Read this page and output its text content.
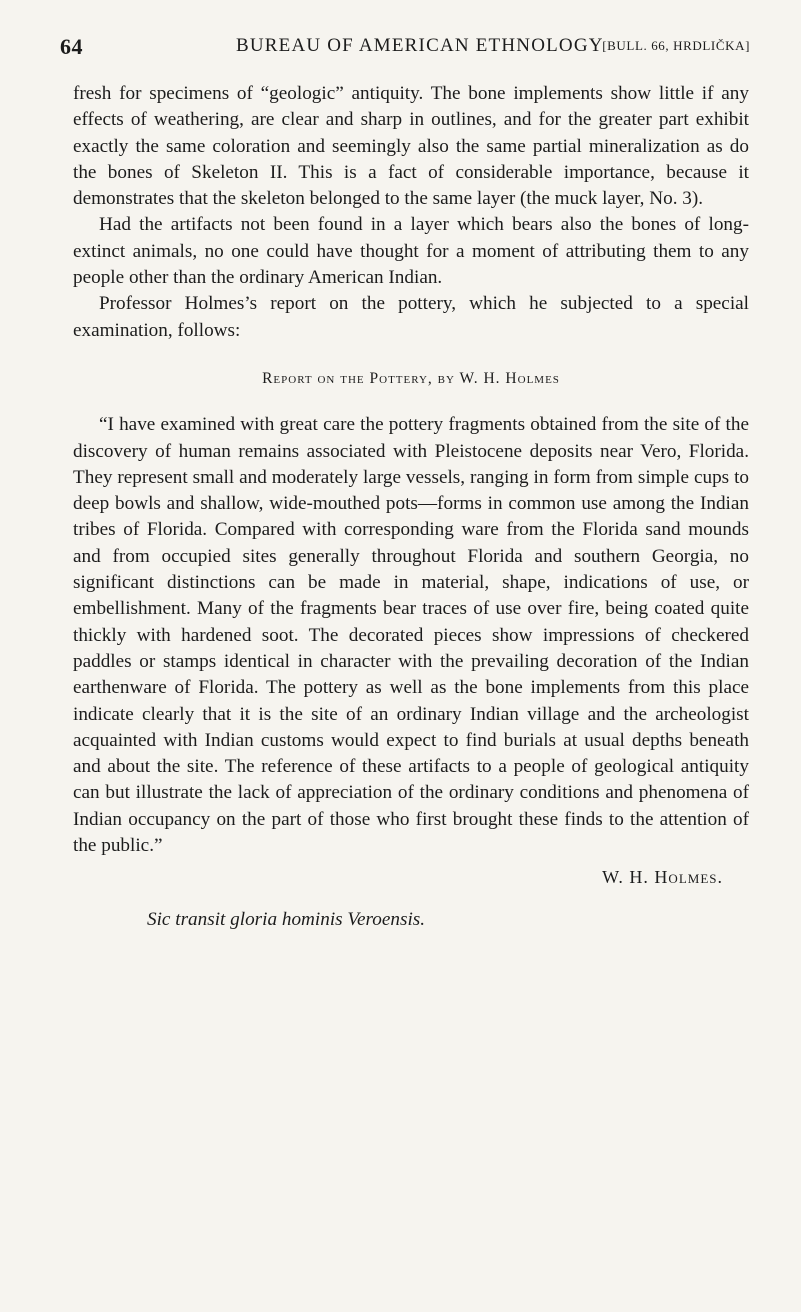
64	BUREAU OF AMERICAN ETHNOLOGY
[BULL. 66, HRDLIČKA]

fresh for specimens of “geologic” antiquity. The bone implements show little if any effects of weathering, are clear and sharp in outlines, and for the greater part exhibit exactly the same coloration and seemingly also the same partial mineralization as do the bones of Skeleton II. This is a fact of considerable importance, because it demonstrates that the skeleton belonged to the same layer (the muck layer, No. 3).

Had the artifacts not been found in a layer which bears also the bones of long-extinct animals, no one could have thought for a moment of attributing them to any people other than the ordinary American Indian.

Professor Holmes’s report on the pottery, which he subjected to a special examination, follows:

Report on the Pottery, by W. H. Holmes

“I have examined with great care the pottery fragments obtained from the site of the discovery of human remains associated with Pleistocene deposits near Vero, Florida. They represent small and moderately large vessels, ranging in form from simple cups to deep bowls and shallow, wide-mouthed pots—forms in common use among the Indian tribes of Florida. Compared with corresponding ware from the Florida sand mounds and from occupied sites generally throughout Florida and southern Georgia, no significant distinctions can be made in material, shape, indications of use, or embellishment. Many of the fragments bear traces of use over fire, being coated quite thickly with hardened soot. The decorated pieces show impressions of checkered paddles or stamps identical in character with the prevailing decoration of the Indian earthenware of Florida. The pottery as well as the bone implements from this place indicate clearly that it is the site of an ordinary Indian village and the archeologist acquainted with Indian customs would expect to find burials at usual depths beneath and about the site. The reference of these artifacts to a people of geological antiquity can but illustrate the lack of appreciation of the ordinary conditions and phenomena of Indian occupancy on the part of those who first brought these finds to the attention of the public.”

W. H. Holmes.
Sic transit gloria hominis Veroensis.
